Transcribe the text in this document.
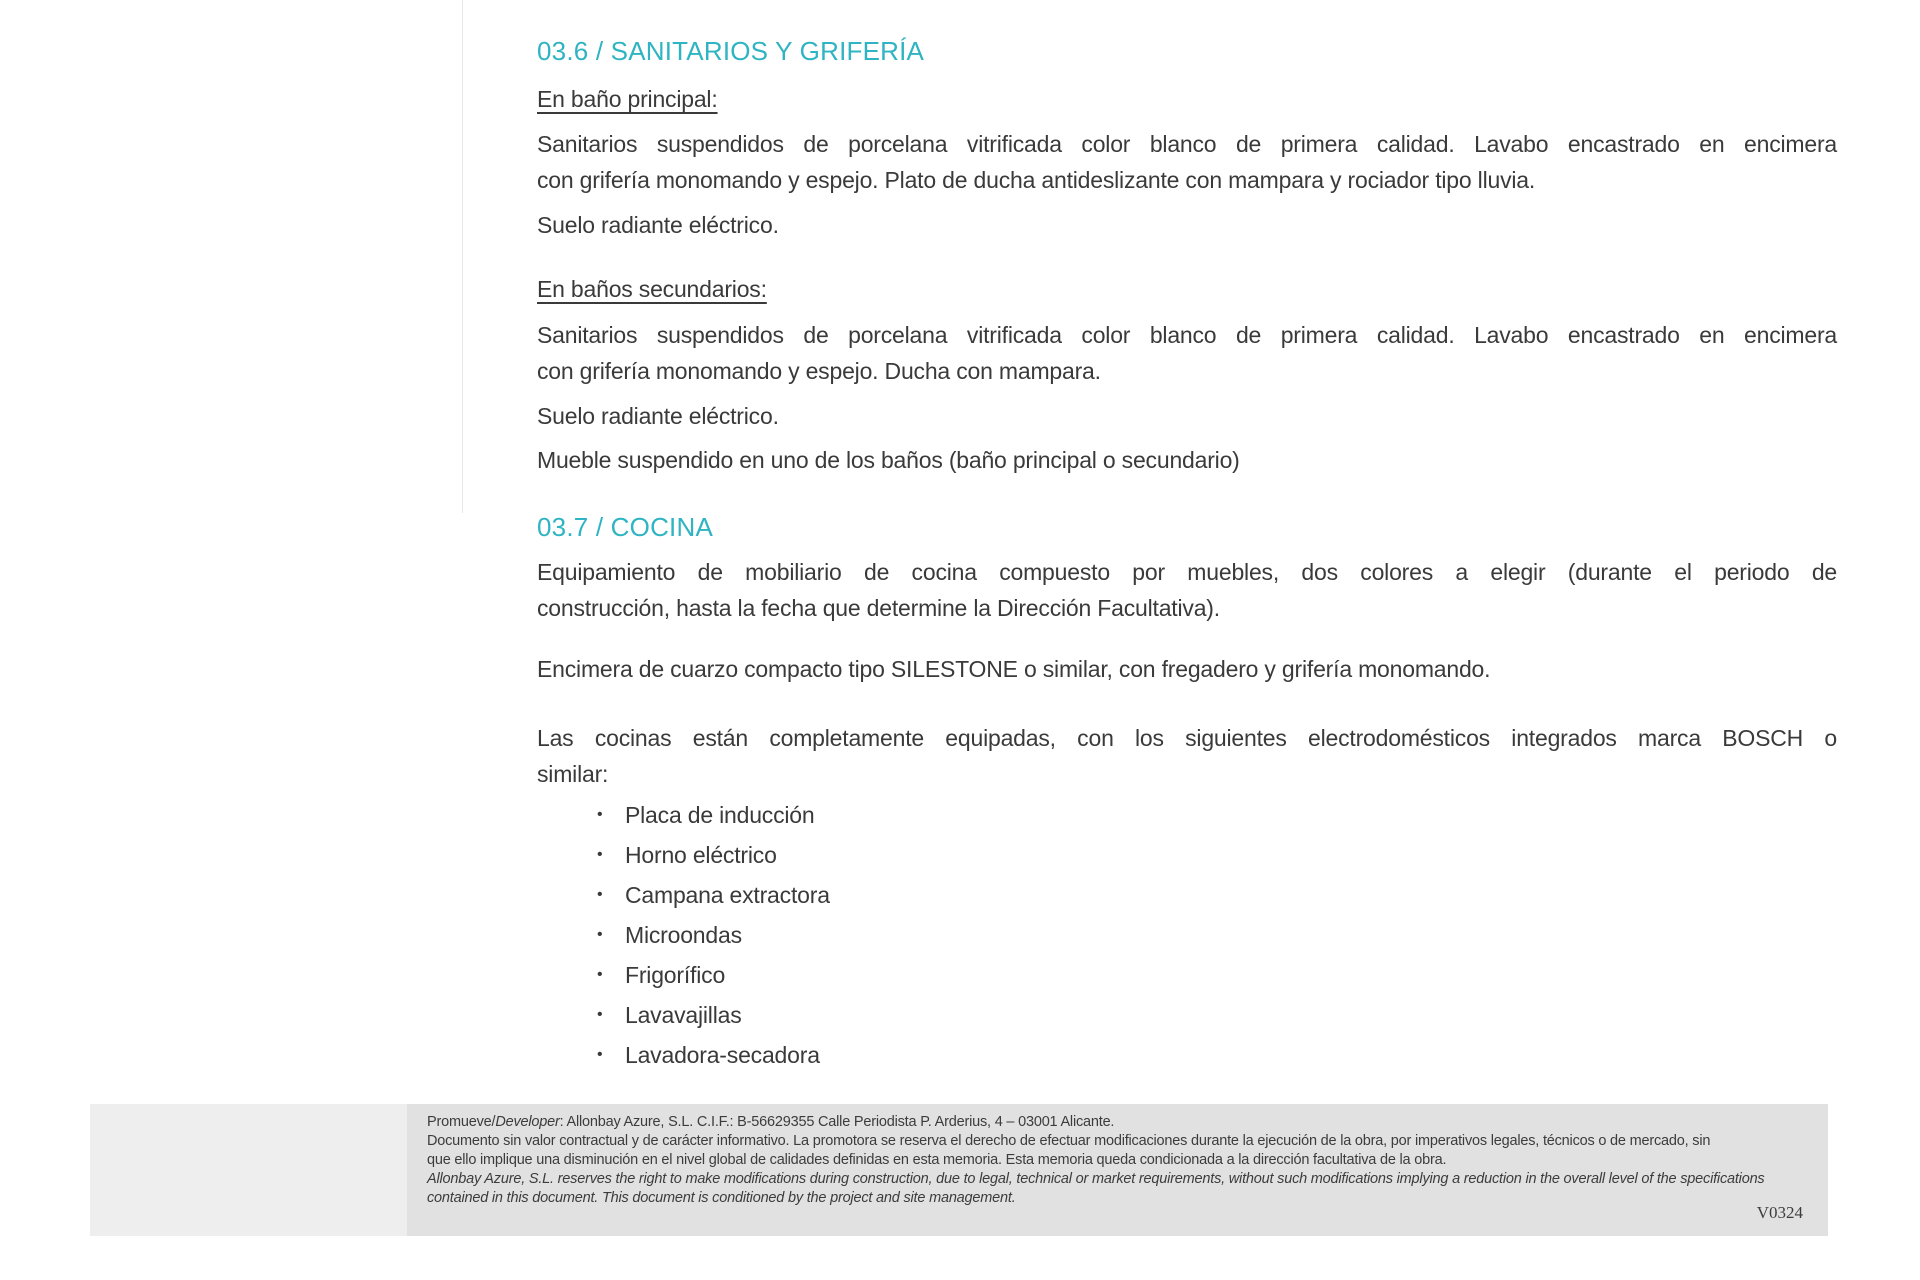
03.6 / SANITARIOS Y GRIFERÍA
En baño principal:
Sanitarios suspendidos de porcelana vitrificada color blanco de primera calidad. Lavabo encastrado en encimera
con grifería monomando y espejo. Plato de ducha antideslizante con mampara y rociador tipo lluvia.
Suelo radiante eléctrico.
En baños secundarios:
Sanitarios suspendidos de porcelana vitrificada color blanco de primera calidad. Lavabo encastrado en encimera
con grifería monomando y espejo. Ducha con mampara.
Suelo radiante eléctrico.
Mueble suspendido en uno de los baños (baño principal o secundario)
03.7 / COCINA
Equipamiento de mobiliario de cocina compuesto por muebles, dos colores a elegir (durante el periodo de
construcción, hasta la fecha que determine la Dirección Facultativa).
Encimera de cuarzo compacto tipo SILESTONE o similar, con fregadero y grifería monomando.
Las cocinas están completamente equipadas, con los siguientes electrodomésticos integrados marca BOSCH o
similar:
• Placa de inducción
• Horno eléctrico
• Campana extractora
• Microondas
• Frigorífico
• Lavavajillas
• Lavadora-secadora
Promueve/Developer: Allonbay Azure, S.L. C.I.F.: B-56629355 Calle Periodista P. Arderius, 4 – 03001 Alicante.
Documento sin valor contractual y de carácter informativo. La promotora se reserva el derecho de efectuar modificaciones durante la ejecución de la obra, por imperativos legales, técnicos o de mercado, sin
que ello implique una disminución en el nivel global de calidades definidas en esta memoria. Esta memoria queda condicionada a la dirección facultativa de la obra.
Allonbay Azure, S.L. reserves the right to make modifications during construction, due to legal, technical or market requirements, without such modifications implying a reduction in the overall level of the specifications
contained in this document. This document is conditioned by the project and site management.
V0324
